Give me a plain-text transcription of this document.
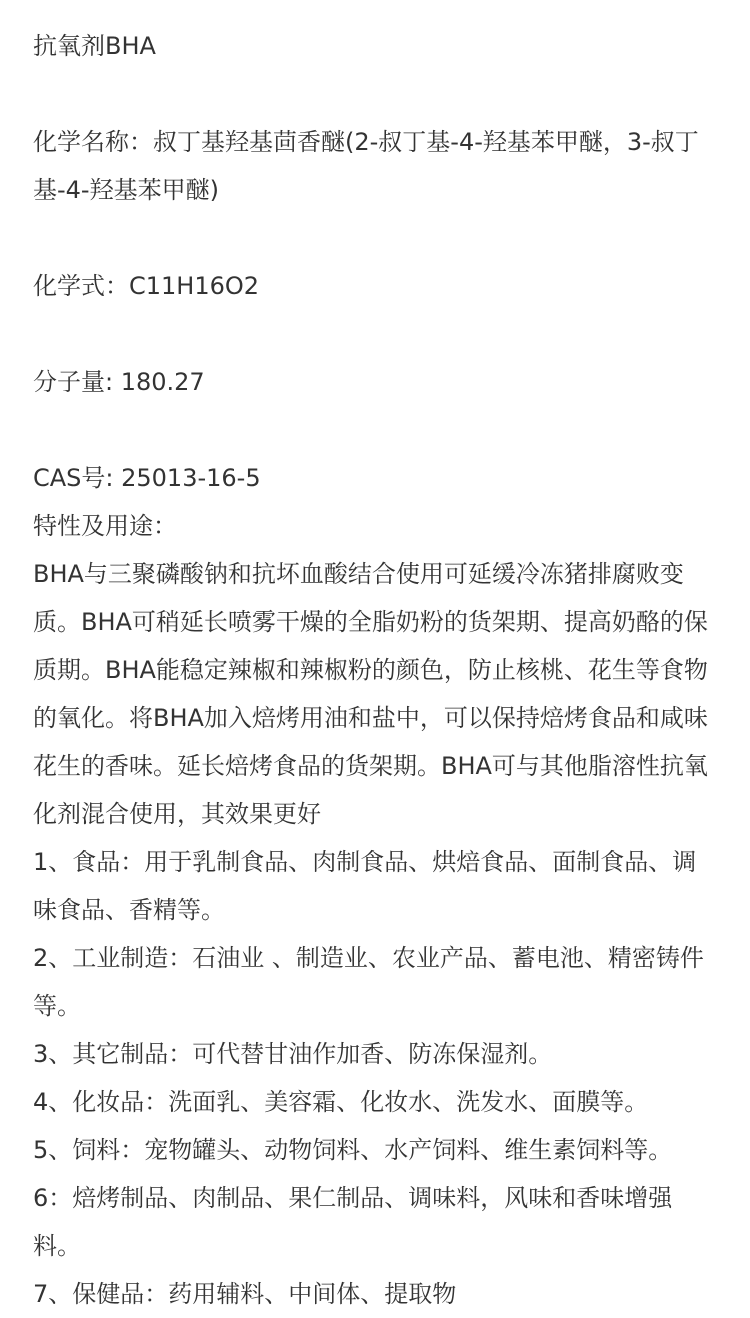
抗氧剂BHA

化学名称：叔丁基羟基茴香醚(2-叔丁基-4-羟基苯甲醚，3-叔丁基-4-羟基苯甲醚)

化学式：C11H16O2

分子量: 180.27

CAS号: 25013-16-5

特性及用途：

BHA与三聚磷酸钠和抗坏血酸结合使用可延缓冷冻猪排腐败变质。BHA可稍延长喷雾干燥的全脂奶粉的货架期、提高奶酪的保质期。BHA能稳定辣椒和辣椒粉的颜色，防止核桃、花生等食物的氧化。将BHA加入焙烤用油和盐中，可以保持焙烤食品和咸味花生的香味。延长焙烤食品的货架期。BHA可与其他脂溶性抗氧化剂混合使用，其效果更好

1、食品：用于乳制食品、肉制食品、烘焙食品、面制食品、调味食品、香精等。

2、工业制造：石油业 、制造业、农业产品、蓄电池、精密铸件等。

3、其它制品：可代替甘油作加香、防冻保湿剂。

4、化妆品：洗面乳、美容霜、化妆水、洗发水、面膜等。

5、饲料：宠物罐头、动物饲料、水产饲料、维生素饲料等。

6：焙烤制品、肉制品、果仁制品、调味料，风味和香味增强料。

7、保健品：药用辅料、中间体、提取物
